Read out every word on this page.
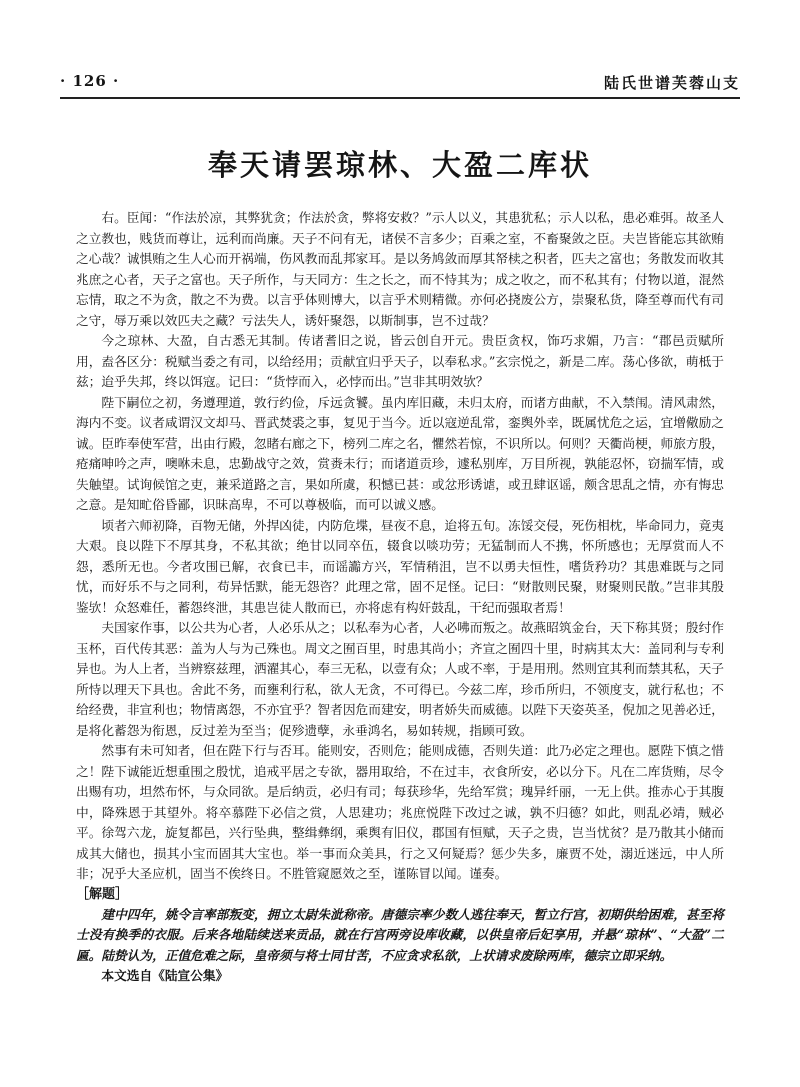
· 126 ·	陆氏世谱芙蓉山支
奉天请罢琼林、大盈二库状

右。臣闻：“作法於凉，其弊犹贪；作法於贪，弊将安救？”示人以义，其患犹私；示人以私，患必难弭。故圣人之立教也，贱货而尊让，远利而尚廉。天子不问有无，诸侯不言多少；百乘之室，不畜聚敛之臣。夫岂皆能忘其欲贿之心哉？诚惧贿之生人心而开祸端，伤风教而乱邦家耳。是以务鸠敛而厚其帑椟之积者，匹夫之富也；务散发而收其兆庶之心者，天子之富也。天子所作，与天同方：生之长之，而不恃其为；成之收之，而不私其有；付物以道，混然忘情，取之不为贪，散之不为费。以言乎体则博大，以言乎术则精微。亦何必挠废公方，崇聚私货，降至尊而代有司之守，辱万乘以效匹夫之藏？亏法失人，诱奸聚怨，以斯制事，岂不过哉？

今之琼林、大盈，自古悉无其制。传诸耆旧之说，皆云创自开元。贵臣贪权，饰巧求媚，乃言：“郡邑贡赋所用，盍各区分：税赋当委之有司，以给经用；贡献宜归乎天子，以奉私求。”玄宗悦之，新是二库。荡心侈欲，萌柢于兹；迨乎失邦，终以饵寇。记曰：“货悖而入，必悖而出。”岂非其明效欤？

陛下嗣位之初，务遵理道，敦行约俭，斥远贪饕。虽内库旧藏，未归太府，而诸方曲献，不入禁闱。清风肃然，海内不变。议者咸谓汉文却马、晋武焚裘之事，复见于当今。近以寇逆乱常，銮舆外幸，既属忧危之运，宜增儆励之诚。臣昨奉使军营，出由行殿，忽睹右廊之下，榜列二库之名，懼然若惊，不识所以。何则？天衢尚梗，师旅方殷，疮痛呻吟之声，噢咻未息，忠勤战守之效，赏赉未行；而诸道贡珍，遽私别库，万目所视，孰能忍怀，窃揣军情，或失触望。试询候馆之吏，兼采道路之言，果如所虞，积憾已甚：或忿形诱谑，或丑肆讴谣，颇含思乱之情，亦有悔忠之意。是知甿俗昏鄙，识昧高卑，不可以尊极临，而可以诚义感。

顷者六师初降，百物无储，外捍凶徒，内防危堞，昼夜不息，迨将五旬。冻馁交侵，死伤相枕，毕命同力，竟夷大艰。良以陛下不厚其身，不私其欲；绝甘以同卒伍，辍食以啖功劳；无猛制而人不携，怀所感也；无厚赏而人不怨，悉所无也。今者攻围已解，衣食已丰，而谣讟方兴，军情稍沮，岂不以勇夫恒性，嗜货矜功？其患难既与之同忧，而好乐不与之同利，苟异恬默，能无怨咨？此理之常，固不足怪。记曰：“财散则民聚，财聚则民散。”岂非其殷鉴欤！众怒难任，蓄怨终泄，其患岂徒人散而已，亦将虑有构奸鼓乱，干纪而强取者焉！

夫国家作事，以公共为心者，人必乐从之；以私奉为心者，人必咈而叛之。故燕昭筑金台，天下称其贤；殷纣作玉杯，百代传其恶：盖为人与为己殊也。周文之囿百里，时患其尚小；齐宣之囿四十里，时病其太大：盖同利与专利异也。为人上者，当辨察兹理，洒濯其心，奉三无私，以壹有众；人或不率，于是用刑。然则宜其利而禁其私，天子所恃以理天下具也。舍此不务，而壅利行私，欲人无贪，不可得已。今兹二库，珍币所归，不领度支，就行私也；不给经费，非宣利也；物情离怨，不亦宜乎？智者因危而建安，明者娇失而威德。以陛下天姿英圣，倪加之见善必迁，是将化蓄怨为衔恩，反过差为至当；促殄遗孽，永垂鸿名，易如转规，指顾可致。

然事有未可知者，但在陛下行与否耳。能则安，否则危；能则成德，否则失道：此乃必定之理也。愿陛下慎之惜之！陛下诚能近想重围之殷忧，追戒平居之专欲，器用取给，不在过丰，衣食所安，必以分下。凡在二库货贿，尽令出赐有功，坦然布怀，与众同欲。是后纳贡，必归有司；每获珍华，先给军赏；瑰异纤丽，一无上供。推赤心于其腹中，降殊恩于其望外。将卒慕陛下必信之赏，人思建功；兆庶悦陛下改过之诚，孰不归德？如此，则乱必靖，贼必平。徐驾六龙，旋复都邑，兴行坠典，整缉彝纲，乘舆有旧仪，郡国有恒赋，天子之贵，岂当忧贫？是乃散其小储而成其大储也，损其小宝而固其大宝也。举一事而众美具，行之又何疑焉？惩少失多，廉贾不处，溺近迷远，中人所非；况乎大圣应机，固当不俟终日。不胜管窥愿效之至，谨陈冒以闻。谨奏。

［解题］

建中四年，姚令言率部叛变，拥立太尉朱泚称帝。唐德宗率少数人逃往奉天，暂立行宫，初期供给困难，甚至将士没有换季的衣服。后来各地陆续送来贡品，就在行宫两旁设库收藏，以供皇帝后妃享用，并悬“琼林”、“大盈”二匾。陆贽认为，正值危难之际，皇帝须与将士同甘苦，不应贪求私欲，上状请求废除两库，德宗立即采纳。

本文选自《陆宣公集》
